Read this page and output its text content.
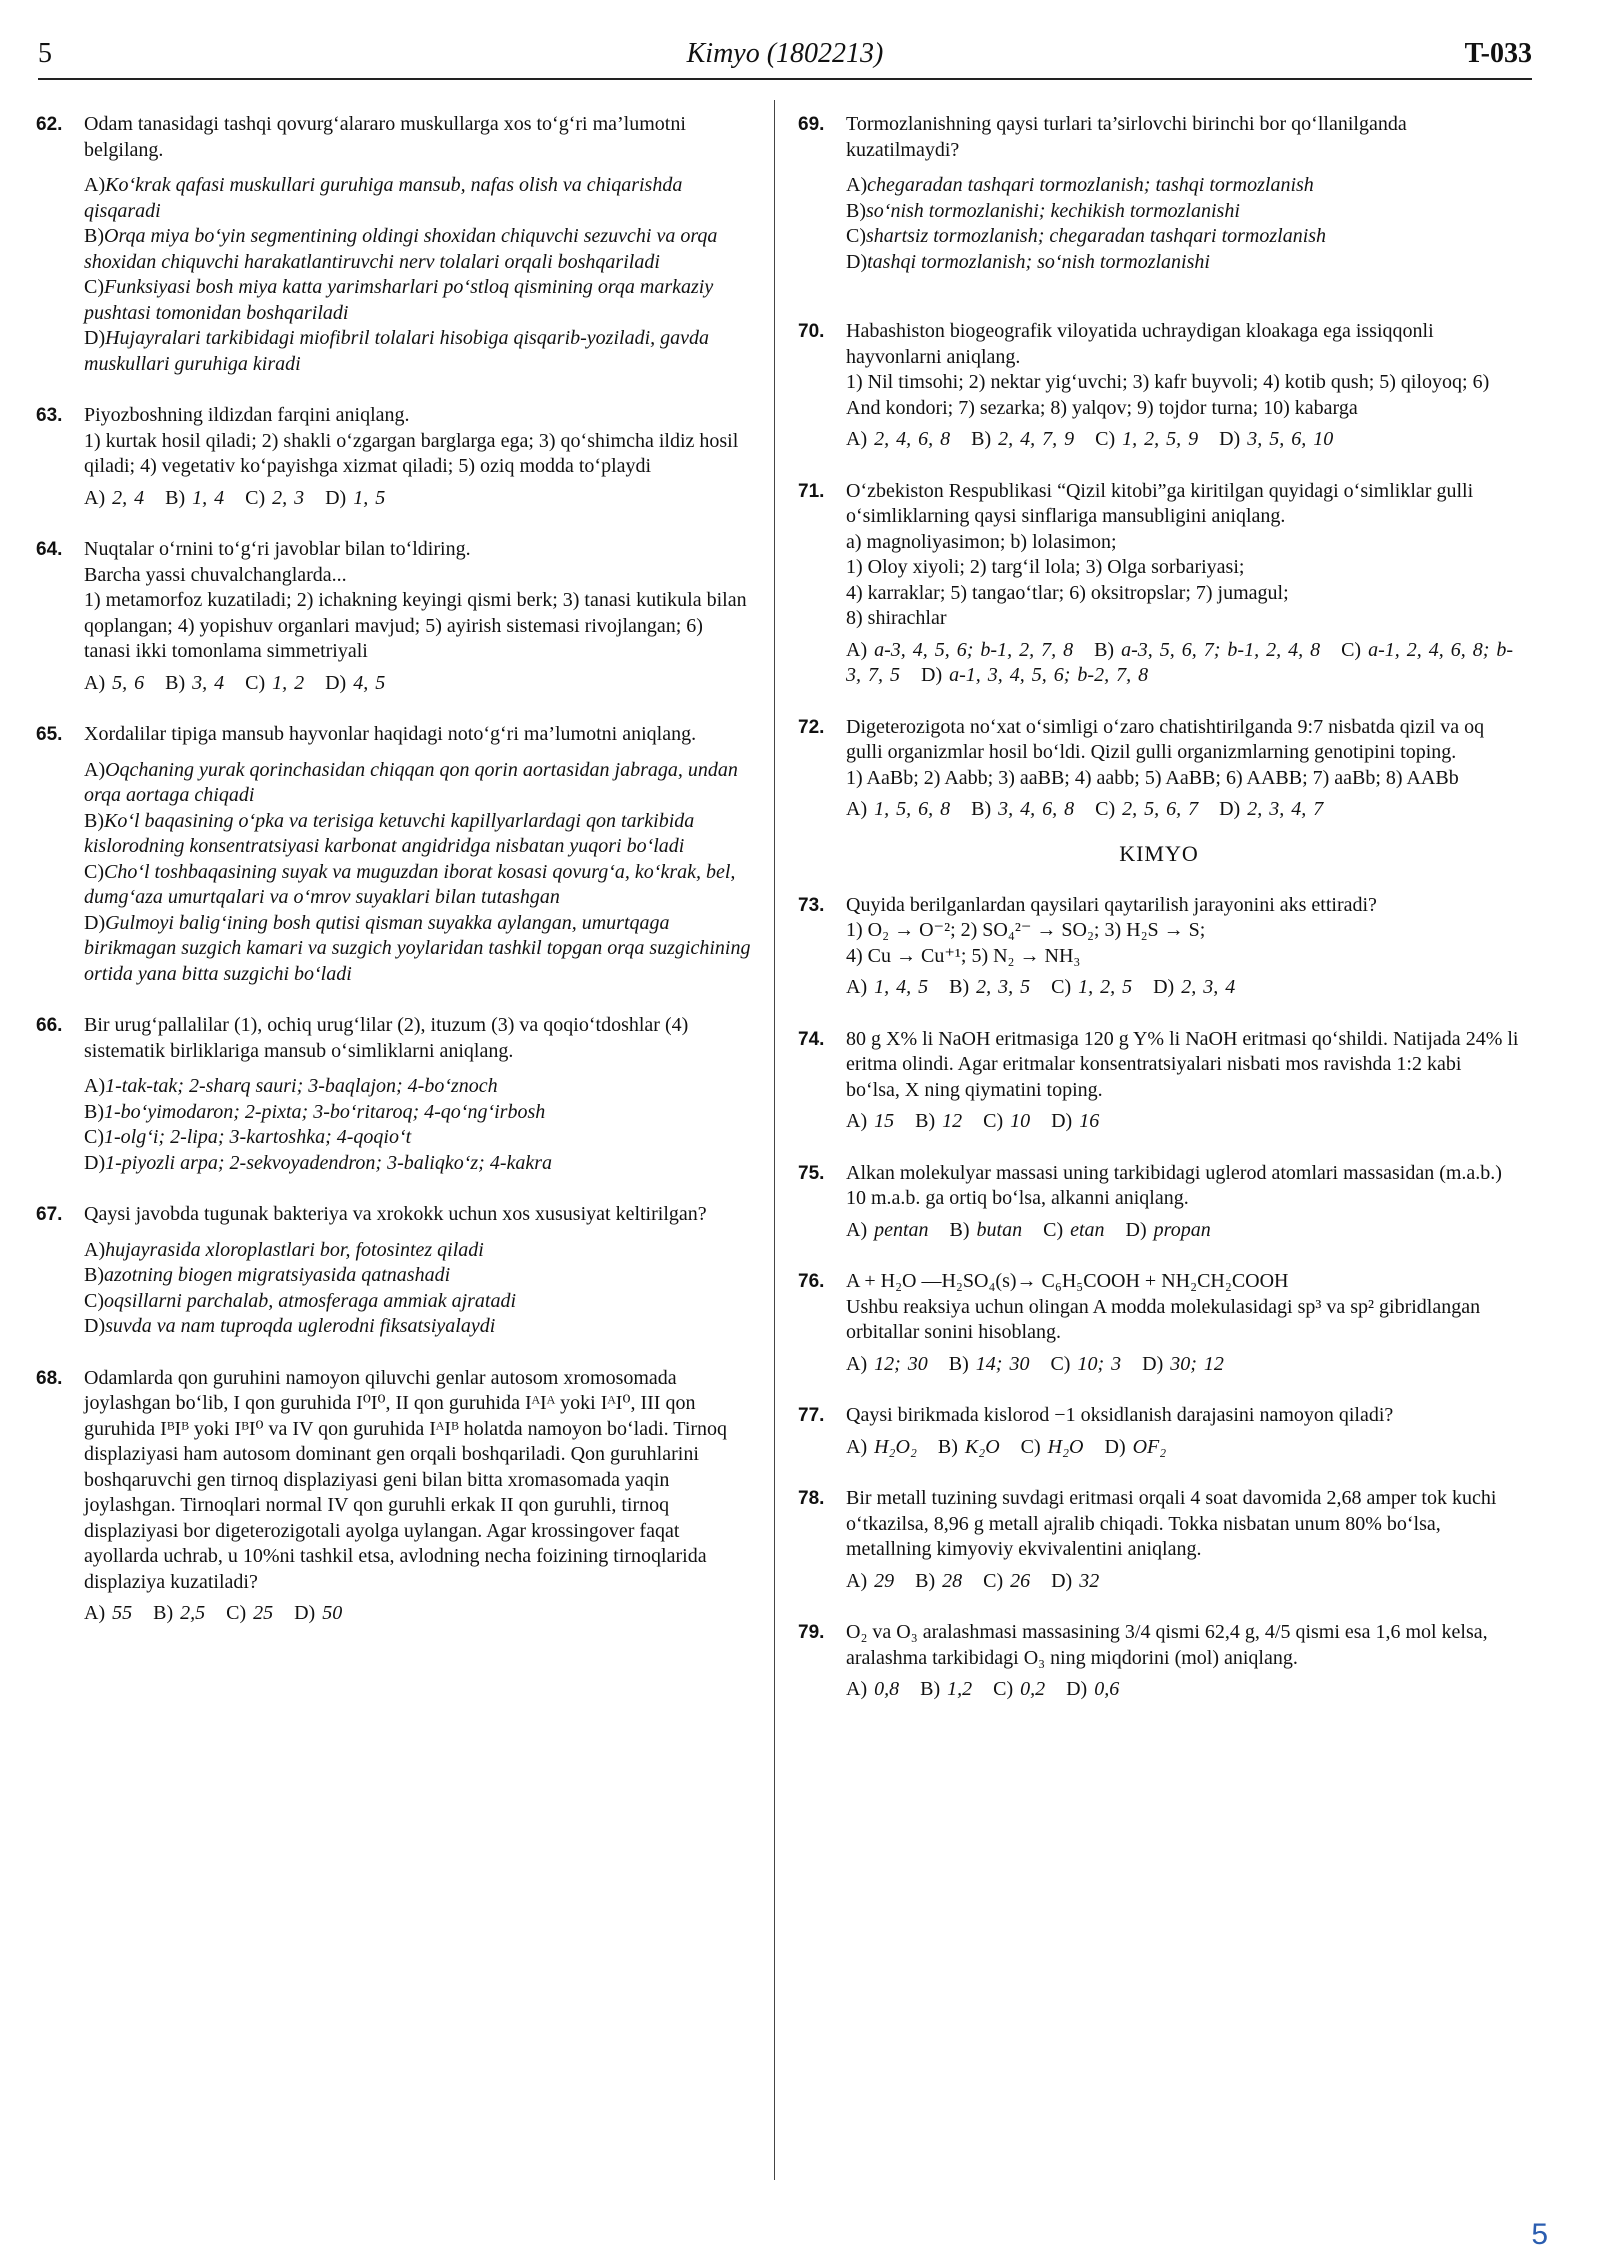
5	Kimyo (1802213)	T-033
62. Odam tanasidagi tashqi qovurg‘alararo muskullarga xos to‘g‘ri ma’lumotni belgilang.
A)Ko‘krak qafasi muskullari guruhiga mansub, nafas olish va chiqarishda qisqaradi
B)Orqa miya bo‘yin segmentining oldingi shoxidan chiquvchi sezuvchi va orqa shoxidan chiquvchi harakatlantiruvchi nerv tolalari orqali boshqariladi
C)Funksiyasi bosh miya katta yarimsharlari po‘stloq qismining orqa markaziy pushtasi tomonidan boshqariladi
D)Hujayralari tarkibidagi miofibril tolalari hisobiga qisqarib-yoziladi, gavda muskullari guruhiga kiradi
63. Piyozboshning ildizdan farqini aniqlang.
1) kurtak hosil qiladi; 2) shakli o‘zgargan barglarga ega; 3) qo‘shimcha ildiz hosil qiladi; 4) vegetativ ko‘payishga xizmat qiladi; 5) oziq modda to‘playdi
A) 2, 4 B) 1, 4 C) 2, 3 D) 1, 5
64. Nuqtalar o‘rnini to‘g‘ri javoblar bilan to‘ldiring.
Barcha yassi chuvalchanglarda...
1) metamorfoz kuzatiladi; 2) ichakning keyingi qismi berk; 3) tanasi kutikula bilan qoplangan; 4) yopishuv organlari mavjud; 5) ayirish sistemasi rivojlangan; 6) tanasi ikki tomonlama simmetriyali
A) 5, 6 B) 3, 4 C) 1, 2 D) 4, 5
65. Xordalilar tipiga mansub hayvonlar haqidagi noto‘g‘ri ma’lumotni aniqlang.
A)Oqchaning yurak qorinchasidan chiqqan qon qorin aortasidan jabraga, undan orqa aortaga chiqadi
B)Ko‘l baqasining o‘pka va terisiga ketuvchi kapillyarlardagi qon tarkibida kislorodning konsentratsiyasi karbonat angidridga nisbatan yuqori bo‘ladi
C)Cho‘l toshbaqasining suyak va muguzdan iborat kosasi qovurg‘a, ko‘krak, bel, dumg‘aza umurtqalari va o‘mrov suyaklari bilan tutashgan
D)Gulmoyi balig‘ining bosh qutisi qisman suyakka aylangan, umurtqaga birikmagan suzgich kamari va suzgich yoylaridan tashkil topgan orqa suzgichining ortida yana bitta suzgichi bo‘ladi
66. Bir urug‘pallalilar (1), ochiq urug‘lilar (2), ituzum (3) va qoqio‘tdoshlar (4) sistematik birliklariga mansub o‘simliklarni aniqlang.
A)1-tak-tak; 2-sharq sauri; 3-baqlajon; 4-bo‘znoch
B)1-bo‘yimodaron; 2-pixta; 3-bo‘ritaroq; 4-qo‘ng‘irbosh
C)1-olg‘i; 2-lipa; 3-kartoshka; 4-qoqio‘t
D)1-piyozli arpa; 2-sekvoyadendron; 3-baliqko‘z; 4-kakra
67. Qaysi javobda tugunak bakteriya va xrokokk uchun xos xususiyat keltirilgan?
A)hujayrasida xloroplastlari bor, fotosintez qiladi
B)azotning biogen migratsiyasida qatnashadi
C)oqsillarni parchalab, atmosferaga ammiak ajratadi
D)suvda va nam tuproqda uglerodni fiksatsiyalaydi
68. Odamlarda qon guruhini namoyon qiluvchi genlar autosom xromosomada joylashgan bo‘lib, I qon guruhida I⁰I⁰, II qon guruhida IᴬIᴬ yoki IᴬI⁰, III qon guruhida IᴮIᴮ yoki IᴮI⁰ va IV qon guruhida IᴬIᴮ holatda namoyon bo‘ladi. Tirnoq displaziyasi ham autosom dominant gen orqali boshqariladi. Qon guruhlarini boshqaruvchi gen tirnoq displaziyasi geni bilan bitta xromasomada yaqin joylashgan. Tirnoqlari normal IV qon guruhli erkak II qon guruhli, tirnoq displaziyasi bor digeterozigotali ayolga uylangan. Agar krossingover faqat ayollarda uchrab, u 10%ni tashkil etsa, avlodning necha foizining tirnoqlarida displaziya kuzatiladi?
A) 55 B) 2,5 C) 25 D) 50
69. Tormozlanishning qaysi turlari ta’sirlovchi birinchi bor qo‘llanilganda kuzatilmaydi?
A)chegaradan tashqari tormozlanish; tashqi tormozlanish
B)so‘nish tormozlanishi; kechikish tormozlanishi
C)shartsiz tormozlanish; chegaradan tashqari tormozlanish
D)tashqi tormozlanish; so‘nish tormozlanishi
70. Habashiston biogeografik viloyatida uchraydigan kloakaga ega issiqqonli hayvonlarni aniqlang.
1) Nil timsohi; 2) nektar yig‘uvchi; 3) kafr buyvoli; 4) kotib qush; 5) qiloyoq; 6) And kondori; 7) sezarka; 8) yalqov; 9) tojdor turna; 10) kabarga
A) 2, 4, 6, 8 B) 2, 4, 7, 9 C) 1, 2, 5, 9 D) 3, 5, 6, 10
71. O‘zbekiston Respublikasi “Qizil kitobi”ga kiritilgan quyidagi o‘simliklar gulli o‘simliklarning qaysi sinflariga mansubligini aniqlang.
a) magnoliyasimon; b) lolasimon;
1) Oloy xiyoli; 2) targ‘il lola; 3) Olga sorbariyasi;
4) karraklar; 5) tangao‘tlar; 6) oksitropslar; 7) jumagul;
8) shirachlar
A) a-3, 4, 5, 6; b-1, 2, 7, 8 B) a-3, 5, 6, 7; b-1, 2, 4, 8 C) a-1, 2, 4, 6, 8; b-3, 7, 5 D) a-1, 3, 4, 5, 6; b-2, 7, 8
72. Digeterozigota no‘xat o‘simligi o‘zaro chatishtirilganda 9:7 nisbatda qizil va oq gulli organizmlar hosil bo‘ldi. Qizil gulli organizmlarning genotipini toping.
1) AaBb; 2) Aabb; 3) aaBB; 4) aabb; 5) AaBB; 6) AABB; 7) aaBb; 8) AABb
A) 1, 5, 6, 8 B) 3, 4, 6, 8 C) 2, 5, 6, 7 D) 2, 3, 4, 7
KIMYO
73. Quyida berilganlardan qaysilari qaytarilish jarayonini aks ettiradi?
1) O₂ → O⁻²; 2) SO₄²⁻ → SO₂; 3) H₂S → S;
4) Cu → Cu⁺¹; 5) N₂ → NH₃
A) 1, 4, 5 B) 2, 3, 5 C) 1, 2, 5 D) 2, 3, 4
74. 80 g X% li NaOH eritmasiga 120 g Y% li NaOH eritmasi qo‘shildi. Natijada 24% li eritma olindi. Agar eritmalar konsentratsiyalari nisbati mos ravishda 1:2 kabi bo‘lsa, X ning qiymatini toping.
A) 15 B) 12 C) 10 D) 16
75. Alkan molekulyar massasi uning tarkibidagi uglerod atomlari massasidan (m.a.b.) 10 m.a.b. ga ortiq bo‘lsa, alkanni aniqlang.
A) pentan B) butan C) etan D) propan
76. A + H₂O —H₂SO₄(s)→ C₆H₅COOH + NH₂CH₂COOH
Ushbu reaksiya uchun olingan A modda molekulasidagi sp³ va sp² gibridlangan orbitallar sonini hisoblang.
A) 12; 30 B) 14; 30 C) 10; 3 D) 30; 12
77. Qaysi birikmada kislorod −1 oksidlanish darajasini namoyon qiladi?
A) H₂O₂ B) K₂O C) H₂O D) OF₂
78. Bir metall tuzining suvdagi eritmasi orqali 4 soat davomida 2,68 amper tok kuchi o‘tkazilsa, 8,96 g metall ajralib chiqadi. Tokka nisbatan unum 80% bo‘lsa, metallning kimyoviy ekvivalentini aniqlang.
A) 29 B) 28 C) 26 D) 32
79. O₂ va O₃ aralashmasi massasining 3/4 qismi 62,4 g, 4/5 qismi esa 1,6 mol kelsa, aralashma tarkibidagi O₃ ning miqdorini (mol) aniqlang.
A) 0,8 B) 1,2 C) 0,2 D) 0,6
5
